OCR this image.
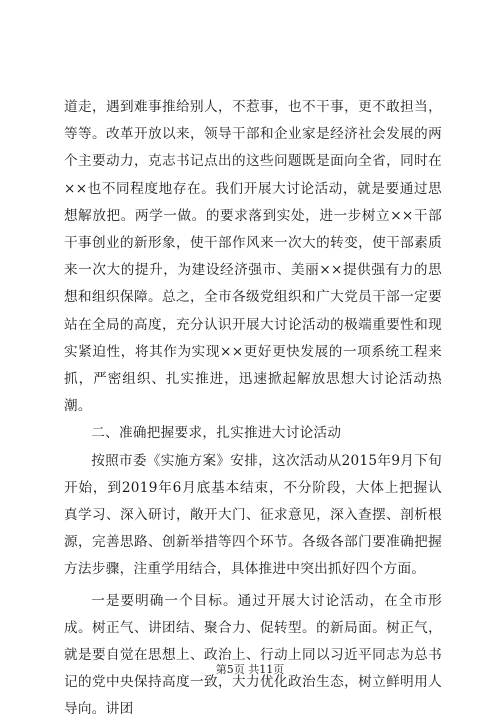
道走，遇到难事推给别人，不惹事，也不干事，更不敢担当，等等。改革开放以来，领导干部和企业家是经济社会发展的两个主要动力，克志书记点出的这些问题既是面向全省，同时在××也不同程度地存在。我们开展大讨论活动，就是要通过思想解放把。两学一做。的要求落到实处，进一步树立××干部干事创业的新形象，使干部作风来一次大的转变，使干部素质来一次大的提升，为建设经济强市、美丽××提供强有力的思想和组织保障。总之，全市各级党组织和广大党员干部一定要站在全局的高度，充分认识开展大讨论活动的极端重要性和现实紧迫性，将其作为实现××更好更快发展的一项系统工程来抓，严密组织、扎实推进，迅速掀起解放思想大讨论活动热潮。

二、准确把握要求，扎实推进大讨论活动

按照市委《实施方案》安排，这次活动从2015年9月下旬开始，到2019年6月底基本结束，不分阶段，大体上把握认真学习、深入研讨，敞开大门、征求意见，深入查摆、剖析根源，完善思路、创新举措等四个环节。各级各部门要准确把握方法步骤，注重学用结合，具体推进中突出抓好四个方面。

一是要明确一个目标。通过开展大讨论活动，在全市形成。树正气、讲团结、聚合力、促转型。的新局面。树正气，就是要自觉在思想上、政治上、行动上同以习近平同志为总书记的党中央保持高度一致，大力优化政治生态，树立鲜明用人导向。讲团

第5页 共11页
